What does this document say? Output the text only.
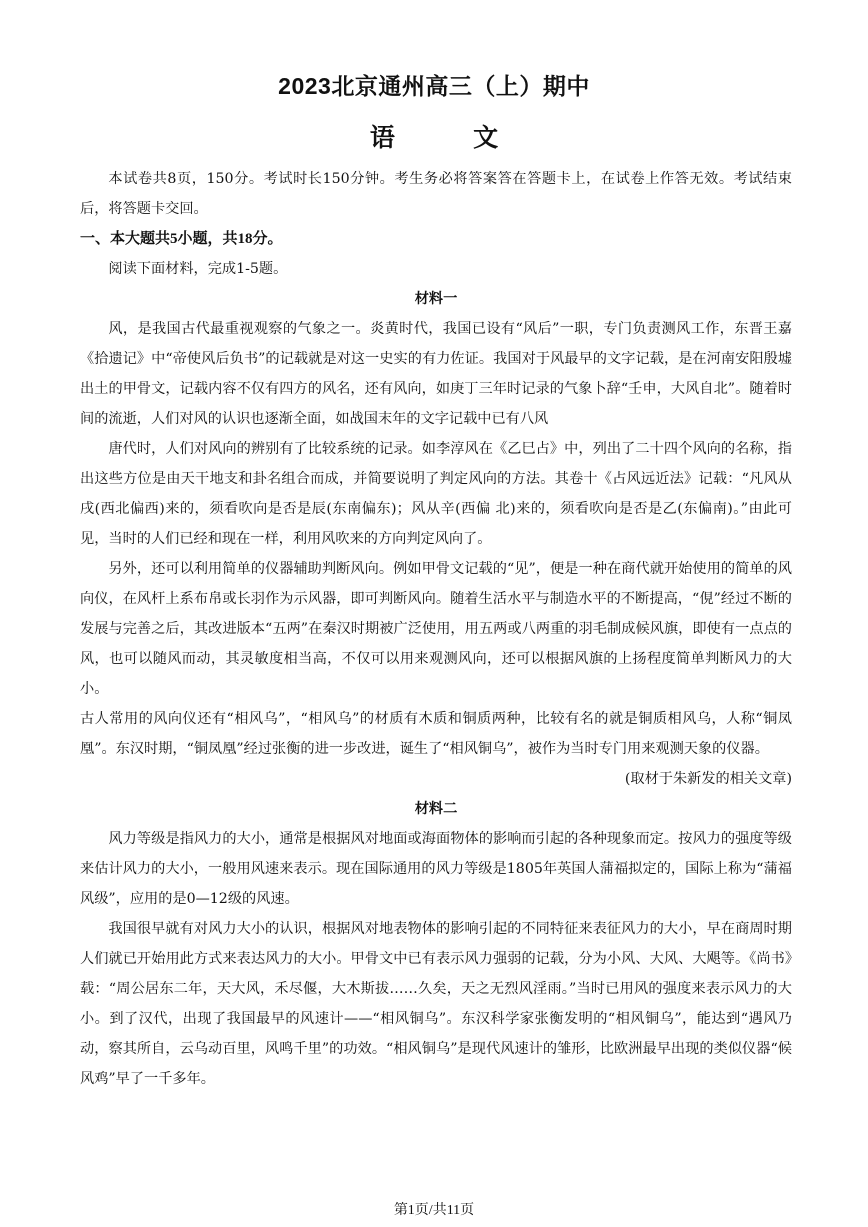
2023北京通州高三（上）期中
语 文

本试卷共8页，150分。考试时长150分钟。考生务必将答案答在答题卡上，在试卷上作答无效。考试结束后，将答题卡交回。

一、本大题共5小题，共18分。

阅读下面材料，完成1-5题。

材料一

风，是我国古代最重视观察的气象之一。炎黄时代，我国已设有“风后”一职，专门负责测风工作，东晋王嘉《拾遗记》中“帝使风后负书”的记载就是对这一史实的有力佐证。我国对于风最早的文字记载，是在河南安阳殷墟出土的甲骨文，记载内容不仅有四方的风名，还有风向，如庚丁三年时记录的气象卜辞“壬申，大风自北”。随着时间的流逝，人们对风的认识也逐渐全面，如战国末年的文字记载中已有八风

唐代时，人们对风向的辨别有了比较系统的记录。如李淳风在《乙巳占》中，列出了二十四个风向的名称，指出这些方位是由天干地支和卦名组合而成，并简要说明了判定风向的方法。其卷十《占风远近法》记载：“凡风从戌(西北偏西)来的，须看吹向是否是辰(东南偏东)；风从辛(西偏 北)来的，须看吹向是否是乙(东偏南)。”由此可见，当时的人们已经和现在一样，利用风吹来的方向判定风向了。

另外，还可以利用简单的仪器辅助判断风向。例如甲骨文记载的“见”，便是一种在商代就开始使用的简单的风向仪，在风杆上系布帛或长羽作为示风器，即可判断风向。随着生活水平与制造水平的不断提高，“俔”经过不断的发展与完善之后，其改进版本“五两”在秦汉时期被广泛使用，用五两或八两重的羽毛制成候风旗，即使有一点点的风，也可以随风而动，其灵敏度相当高，不仅可以用来观测风向，还可以根据风旗的上扬程度简单判断风力的大小。

古人常用的风向仪还有“相风乌”，“相风乌”的材质有木质和铜质两种，比较有名的就是铜质相风乌，人称“铜凤凰”。东汉时期，“铜凤凰”经过张衡的进一步改进，诞生了“相风铜乌”，被作为当时专门用来观测天象的仪器。

(取材于朱新发的相关文章)

材料二

风力等级是指风力的大小，通常是根据风对地面或海面物体的影响而引起的各种现象而定。按风力的强度等级来估计风力的大小，一般用风速来表示。现在国际通用的风力等级是1805年英国人蒲福拟定的，国际上称为“蒲福风级”，应用的是0—12级的风速。

我国很早就有对风力大小的认识，根据风对地表物体的影响引起的不同特征来表征风力的大小，早在商周时期人们就已开始用此方式来表达风力的大小。甲骨文中已有表示风力强弱的记载，分为小风、大风、大飓等。《尚书》载：“周公居东二年，天大风，禾尽偃，大木斯拔……久矣，天之无烈风淫雨。”当时已用风的强度来表示风力的大小。到了汉代，出现了我国最早的风速计——“相风铜乌”。东汉科学家张衡发明的“相风铜乌”，能达到“遇风乃动，察其所自，云乌动百里，风鸣千里”的功效。“相风铜乌”是现代风速计的雏形，比欧洲最早出现的类似仪器“候风鸡”早了一千多年。

第1页/共11页
